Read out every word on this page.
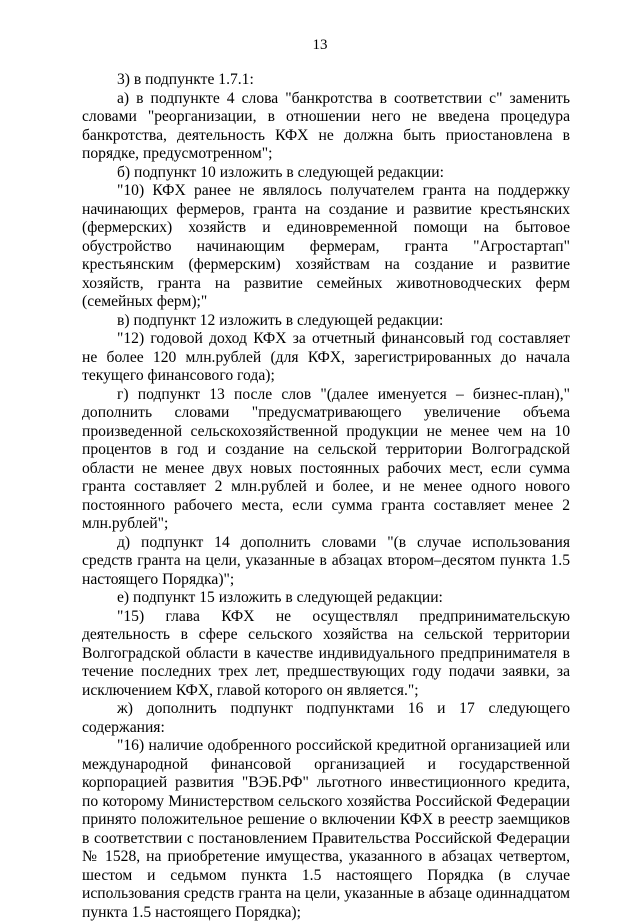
13

3) в подпункте 1.7.1:

а) в подпункте 4 слова "банкротства в соответствии с" заменить словами "реорганизации, в отношении него не введена процедура банкротства, деятельность КФХ не должна быть приостановлена в порядке, предусмотренном";

б) подпункт 10 изложить в следующей редакции:

"10) КФХ ранее не являлось получателем гранта на поддержку начинающих фермеров, гранта на создание и развитие крестьянских (фермерских) хозяйств и единовременной помощи на бытовое обустройство начинающим фермерам, гранта "Агростартап" крестьянским (фермерским) хозяйствам на создание и развитие хозяйств, гранта на развитие семейных животноводческих ферм (семейных ферм);"

в) подпункт 12 изложить в следующей редакции:

"12) годовой доход КФХ за отчетный финансовый год составляет не более 120 млн.рублей (для КФХ, зарегистрированных до начала текущего финансового года);

г) подпункт 13 после слов "(далее именуется – бизнес-план)," дополнить словами "предусматривающего увеличение объема произведенной сельскохозяйственной продукции не менее чем на 10 процентов в год и создание на сельской территории Волгоградской области не менее двух новых постоянных рабочих мест, если сумма гранта составляет 2 млн.рублей и более, и не менее одного нового постоянного рабочего места, если сумма гранта составляет менее 2 млн.рублей";

д) подпункт 14 дополнить словами "(в случае использования средств гранта на цели, указанные в абзацах втором–десятом пункта 1.5 настоящего Порядка)";

е) подпункт 15 изложить в следующей редакции:

"15) глава КФХ не осуществлял предпринимательскую деятельность в сфере сельского хозяйства на сельской территории Волгоградской области в качестве индивидуального предпринимателя в течение последних трех лет, предшествующих году подачи заявки, за исключением КФХ, главой которого он является.";

ж) дополнить подпункт подпунктами 16 и 17 следующего содержания:

"16) наличие одобренного российской кредитной организацией или международной финансовой организацией и государственной корпорацией развития "ВЭБ.РФ" льготного инвестиционного кредита, по которому Министерством сельского хозяйства Российской Федерации принято положительное решение о включении КФХ в реестр заемщиков в соответствии с постановлением Правительства Российской Федерации № 1528, на приобретение имущества, указанного в абзацах четвертом, шестом и седьмом пункта 1.5 настоящего Порядка (в случае использования средств гранта на цели, указанные в абзаце одиннадцатом пункта 1.5 настоящего Порядка);
